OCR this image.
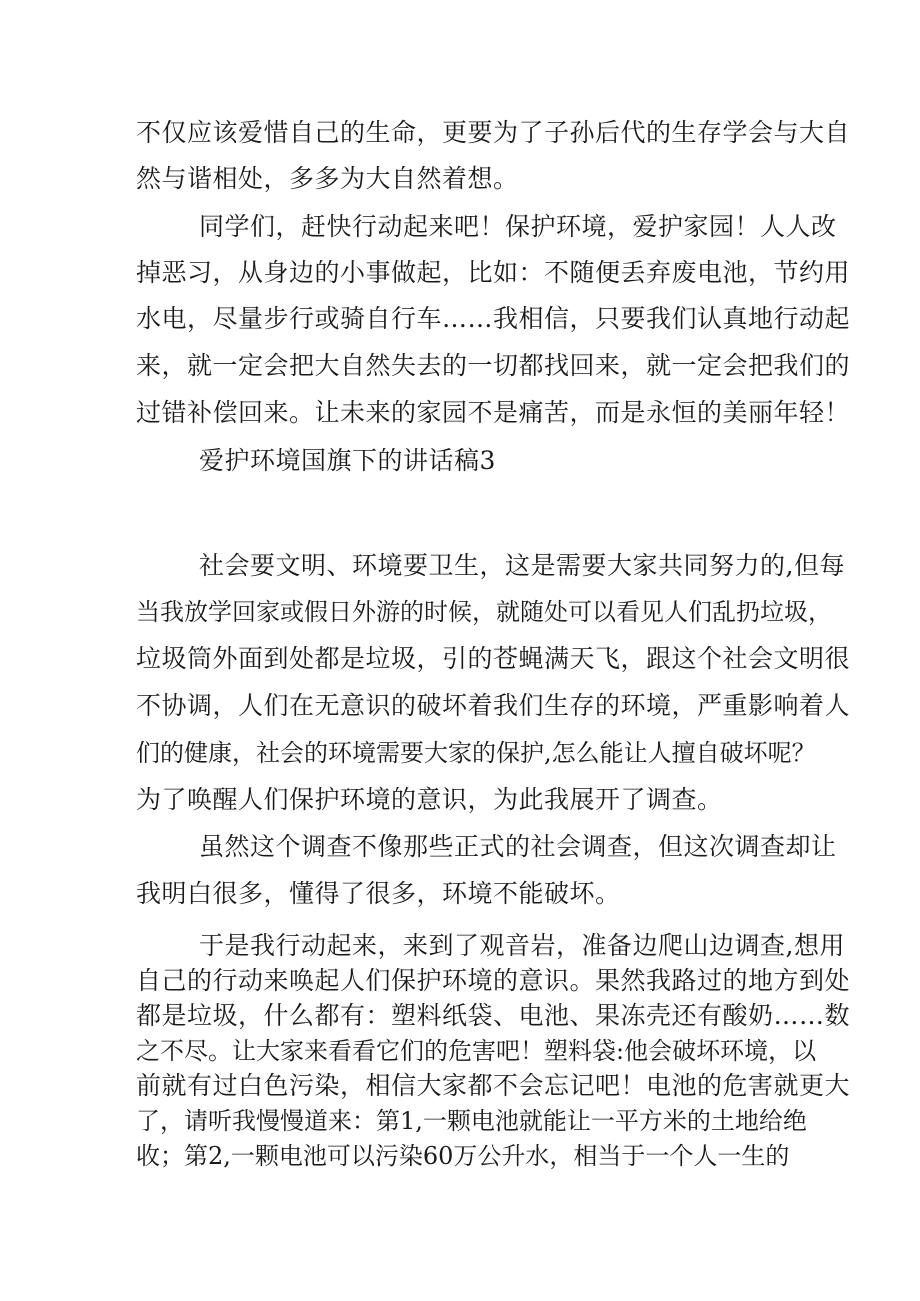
不仅应该爱惜自己的生命，更要为了子孙后代的生存学会与大自
然与谐相处，多多为大自然着想。
同学们，赶快行动起来吧！保护环境，爱护家园！人人改
掉恶习，从身边的小事做起，比如：不随便丢弃废电池，节约用
水电，尽量步行或骑自行车……我相信，只要我们认真地行动起
来，就一定会把大自然失去的一切都找回来，就一定会把我们的
过错补偿回来。让未来的家园不是痛苦，而是永恒的美丽年轻！
爱护环境国旗下的讲话稿3
社会要文明、环境要卫生，这是需要大家共同努力的,但每
当我放学回家或假日外游的时候，就随处可以看见人们乱扔垃圾，
垃圾筒外面到处都是垃圾，引的苍蝇满天飞，跟这个社会文明很
不协调，人们在无意识的破坏着我们生存的环境，严重影响着人
们的健康，社会的环境需要大家的保护,怎么能让人擅自破坏呢？
为了唤醒人们保护环境的意识，为此我展开了调查。
虽然这个调查不像那些正式的社会调查，但这次调查却让
我明白很多，懂得了很多，环境不能破坏。
于是我行动起来，来到了观音岩，准备边爬山边调查,想用
自己的行动来唤起人们保护环境的意识。果然我路过的地方到处
都是垃圾，什么都有：塑料纸袋、电池、果冻壳还有酸奶……数
之不尽。让大家来看看它们的危害吧！塑料袋:他会破坏环境，以
前就有过白色污染，相信大家都不会忘记吧！电池的危害就更大
了，请听我慢慢道来：第1,一颗电池就能让一平方米的土地给绝
收；第2,一颗电池可以污染60万公升水，相当于一个人一生的
